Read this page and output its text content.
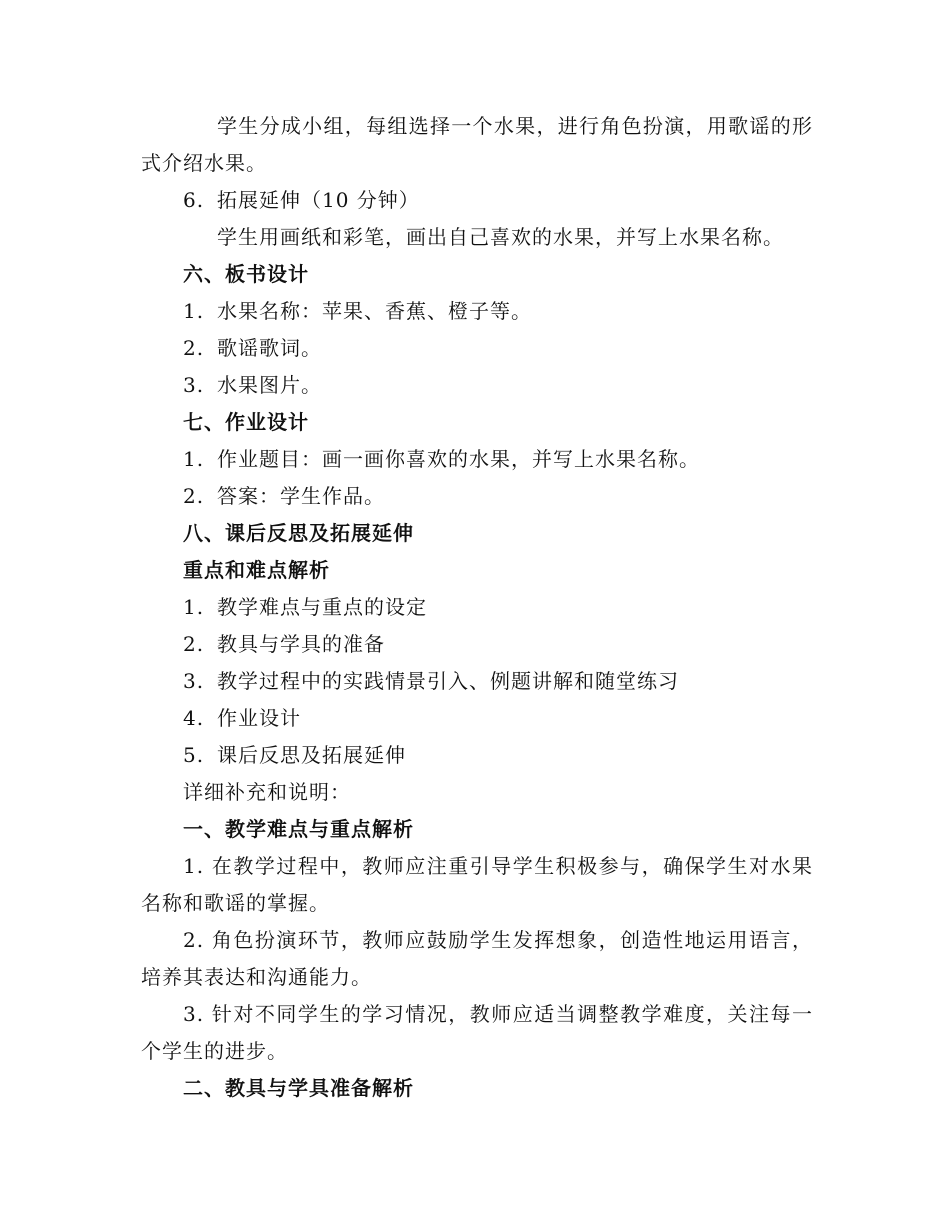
学生分成小组，每组选择一个水果，进行角色扮演，用歌谣的形式介绍水果。

6. 拓展延伸（10 分钟）

学生用画纸和彩笔，画出自己喜欢的水果，并写上水果名称。

六、板书设计
1. 水果名称：苹果、香蕉、橙子等。
2. 歌谣歌词。
3. 水果图片。
七、作业设计
1. 作业题目：画一画你喜欢的水果，并写上水果名称。
2. 答案：学生作品。
八、课后反思及拓展延伸
重点和难点解析
1. 教学难点与重点的设定
2. 教具与学具的准备
3. 教学过程中的实践情景引入、例题讲解和随堂练习
4. 作业设计
5. 课后反思及拓展延伸
详细补充和说明：
一、教学难点与重点解析

1. 在教学过程中，教师应注重引导学生积极参与，确保学生对水果名称和歌谣的掌握。

2. 角色扮演环节，教师应鼓励学生发挥想象，创造性地运用语言，培养其表达和沟通能力。

3. 针对不同学生的学习情况，教师应适当调整教学难度，关注每一个学生的进步。

二、教具与学具准备解析
